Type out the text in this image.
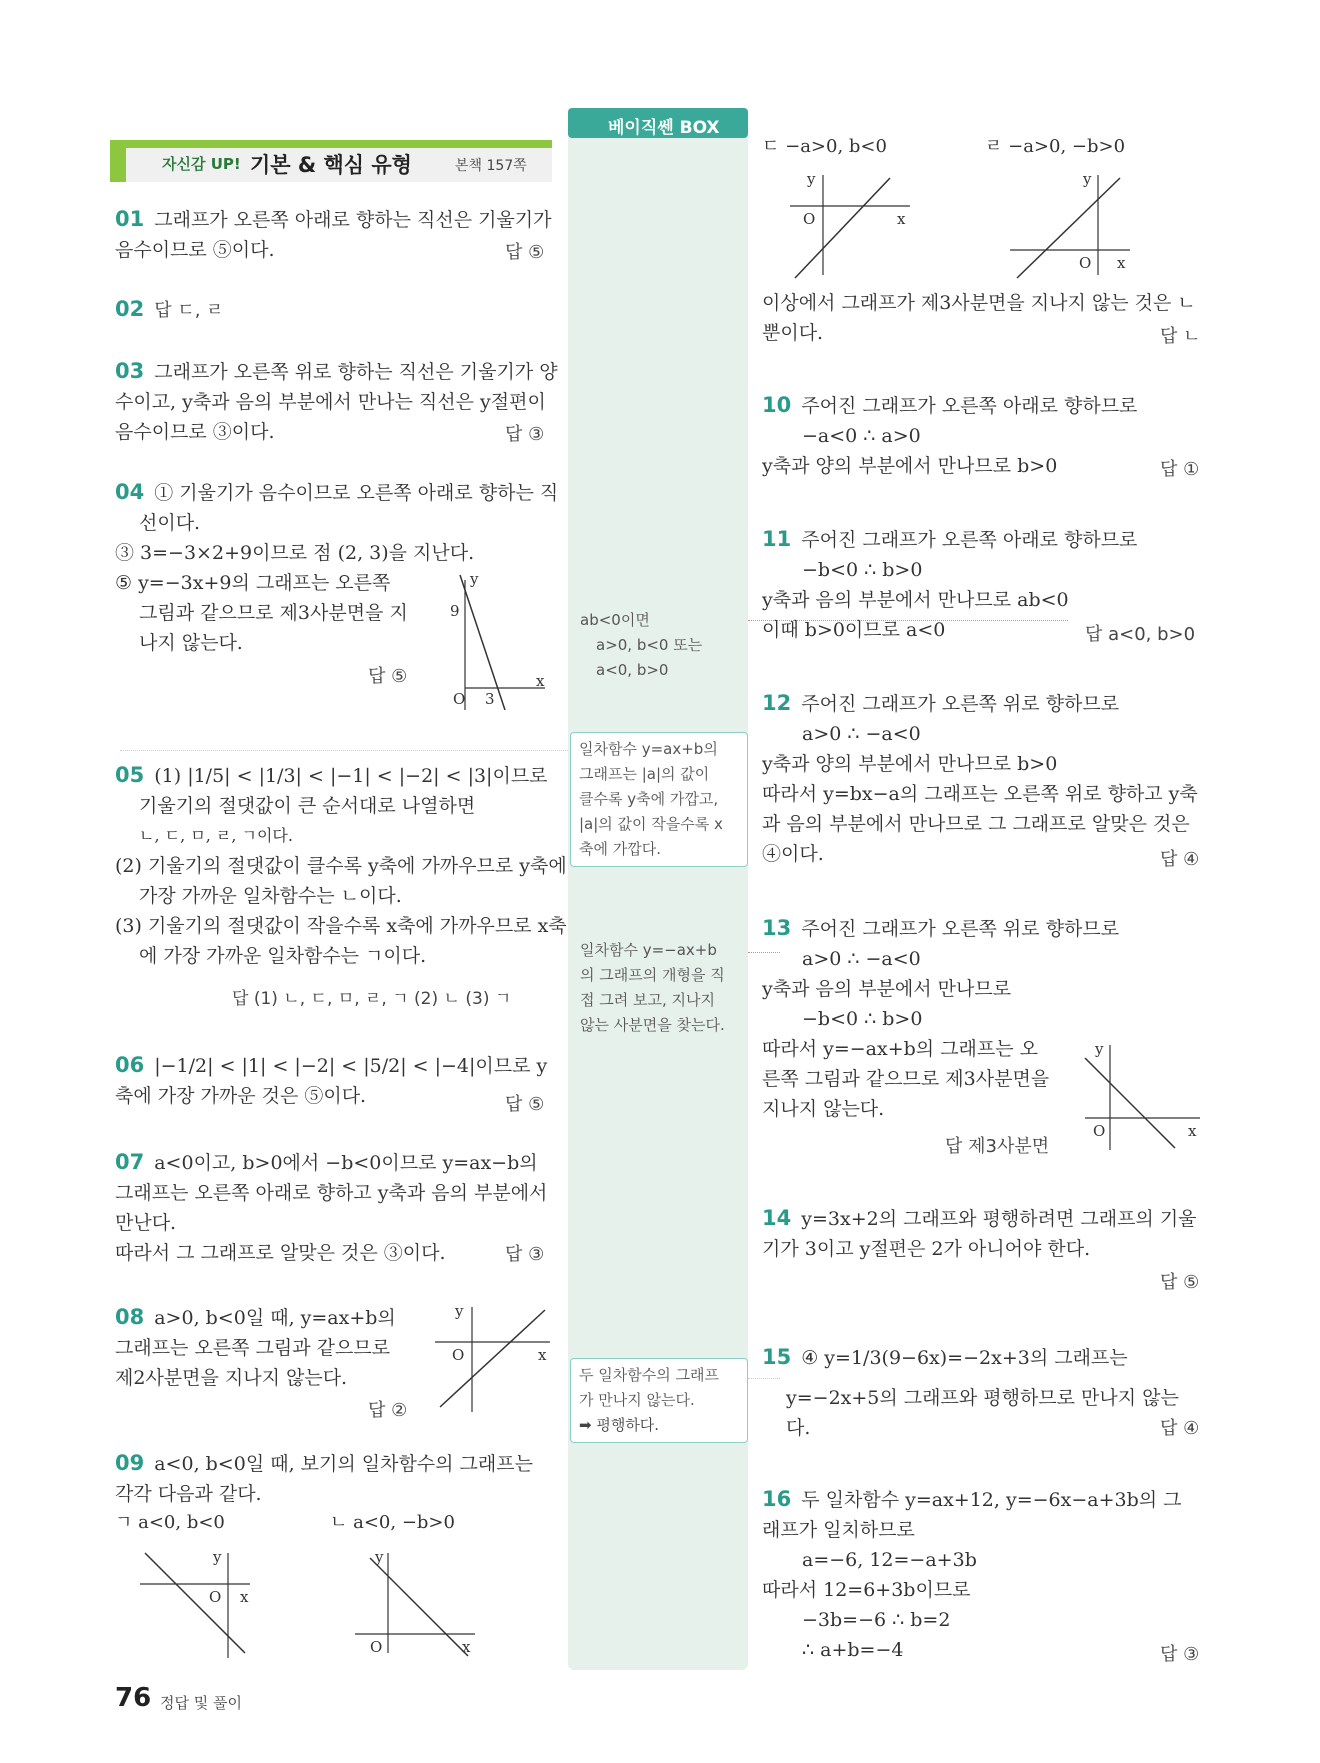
자신감 UP! 기본 & 핵심 유형	본책 157쪽
베이직쎈 BOX
ab<0이면
a>0, b<0 또는
a<0, b>0
일차함수 y=ax+b의
그래프는 |a|의 값이
클수록 y축에 가깝고,
|a|의 값이 작을수록 x
축에 가깝다.
일차함수 y=−ax+b
의 그래프의 개형을 직
접 그려 보고, 지나지
않는 사분면을 찾는다.
두 일차함수의 그래프
가 만나지 않는다.
➡ 평행하다.
01 그래프가 오른쪽 아래로 향하는 직선은 기울기가
음수이므로 ⑤이다.	답 ⑤
02 답 ㄷ, ㄹ
03 그래프가 오른쪽 위로 향하는 직선은 기울기가 양
수이고, y축과 음의 부분에서 만나는 직선은 y절편이
음수이므로 ③이다.	답 ③
04 ① 기울기가 음수이므로 오른쪽 아래로 향하는 직
선이다.
③ 3=−3×2+9이므로 점 (2, 3)을 지난다.
⑤ y=−3x+9의 그래프는 오른쪽
그림과 같으므로 제3사분면을 지
나지 않는다.
답 ⑤
y
x
O
9
3
05 (1) |1/5| < |1/3| < |−1| < |−2| < |3|이므로
기울기의 절댓값이 큰 순서대로 나열하면
ㄴ, ㄷ, ㅁ, ㄹ, ㄱ이다.
(2) 기울기의 절댓값이 클수록 y축에 가까우므로 y축에
가장 가까운 일차함수는 ㄴ이다.
(3) 기울기의 절댓값이 작을수록 x축에 가까우므로 x축
에 가장 가까운 일차함수는 ㄱ이다.
답 (1) ㄴ, ㄷ, ㅁ, ㄹ, ㄱ (2) ㄴ (3) ㄱ
06 |−1/2| < |1| < |−2| < |5/2| < |−4|이므로 y
축에 가장 가까운 것은 ⑤이다.	답 ⑤
07 a<0이고, b>0에서 −b<0이므로 y=ax−b의
그래프는 오른쪽 아래로 향하고 y축과 음의 부분에서
만난다.
따라서 그 그래프로 알맞은 것은 ③이다.	답 ③
08 a>0, b<0일 때, y=ax+b의
그래프는 오른쪽 그림과 같으므로
제2사분면을 지나지 않는다.
답 ②
y
x
O
09 a<0, b<0일 때, 보기의 일차함수의 그래프는
각각 다음과 같다.
ㄱ a<0, b<0	ㄴ a<0, −b>0
y
x
O
y
x
O
ㄷ −a>0, b<0	ㄹ −a>0, −b>0
y
x
O
y
x
O
이상에서 그래프가 제3사분면을 지나지 않는 것은 ㄴ
뿐이다.	답 ㄴ
10 주어진 그래프가 오른쪽 아래로 향하므로
−a<0 ∴ a>0
y축과 양의 부분에서 만나므로 b>0	답 ①
11 주어진 그래프가 오른쪽 아래로 향하므로
−b<0 ∴ b>0
y축과 음의 부분에서 만나므로 ab<0
이때 b>0이므로 a<0	답 a<0, b>0
12 주어진 그래프가 오른쪽 위로 향하므로
a>0 ∴ −a<0
y축과 양의 부분에서 만나므로 b>0
따라서 y=bx−a의 그래프는 오른쪽 위로 향하고 y축
과 음의 부분에서 만나므로 그 그래프로 알맞은 것은
④이다.	답 ④
13 주어진 그래프가 오른쪽 위로 향하므로
a>0 ∴ −a<0
y축과 음의 부분에서 만나므로
−b<0 ∴ b>0
따라서 y=−ax+b의 그래프는 오
른쪽 그림과 같으므로 제3사분면을
지나지 않는다.
답 제3사분면
y
x
O
14 y=3x+2의 그래프와 평행하려면 그래프의 기울
기가 3이고 y절편은 2가 아니어야 한다.
답 ⑤
15 ④ y=1/3(9−6x)=−2x+3의 그래프는
y=−2x+5의 그래프와 평행하므로 만나지 않는
다.	답 ④
16 두 일차함수 y=ax+12, y=−6x−a+3b의 그
래프가 일치하므로
a=−6, 12=−a+3b
따라서 12=6+3b이므로
−3b=−6 ∴ b=2
∴ a+b=−4	답 ③
76 정답 및 풀이
